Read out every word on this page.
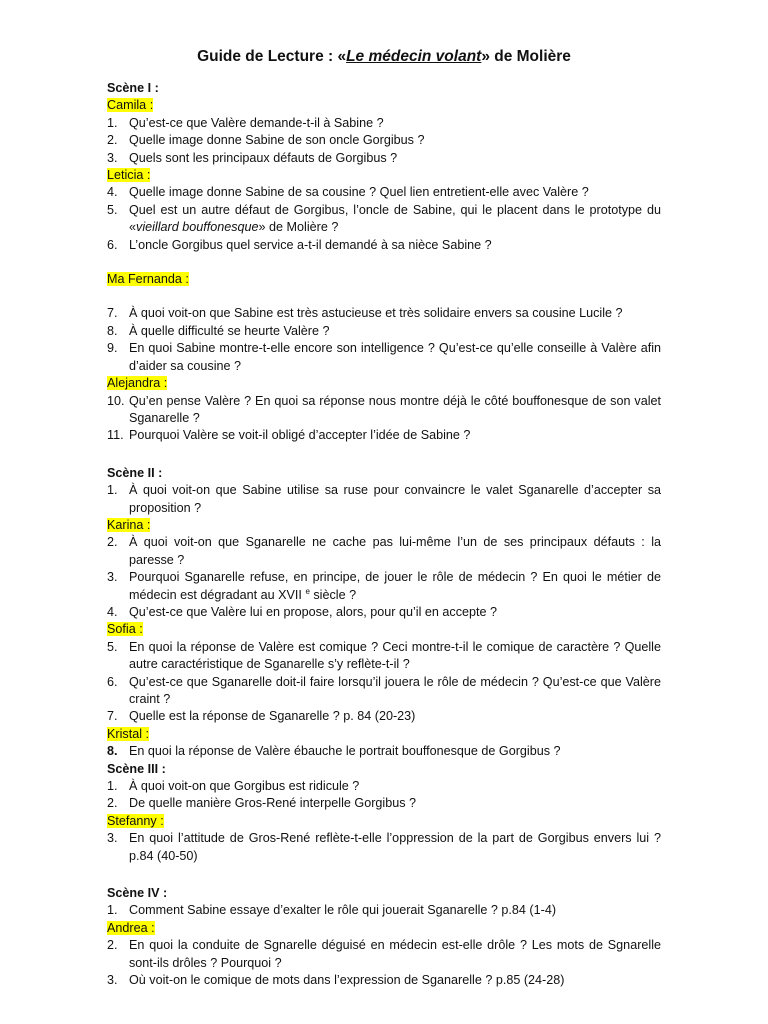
Guide de Lecture : «Le médecin volant» de Molière
Scène I :
Camila :
1. Qu’est-ce que Valère demande-t-il à Sabine ?
2. Quelle image donne Sabine de son oncle Gorgibus ?
3. Quels sont les principaux défauts de Gorgibus ?
Leticia :
4. Quelle image donne Sabine de sa cousine ? Quel lien entretient-elle avec Valère ?
5. Quel est un autre défaut de Gorgibus, l’oncle de Sabine, qui le placent dans le prototype du «vieillard bouffonesque» de Molière ?
6. L’oncle Gorgibus quel service a-t-il demandé à sa nièce Sabine ?
Ma Fernanda :
7. À quoi voit-on que Sabine est très astucieuse et très solidaire envers sa cousine Lucile ?
8. À quelle difficulté se heurte Valère ?
9. En quoi Sabine montre-t-elle encore son intelligence ? Qu’est-ce qu’elle conseille à Valère afin d’aider sa cousine ?
Alejandra :
10. Qu’en pense Valère ? En quoi sa réponse nous montre déjà le côté bouffonesque de son valet Sganarelle ?
11. Pourquoi Valère se voit-il obligé d’accepter l’idée de Sabine ?
Scène II :
1. À quoi voit-on que Sabine utilise sa ruse pour convaincre le valet Sganarelle d’accepter sa proposition ?
Karina :
2. À quoi voit-on que Sganarelle ne cache pas lui-même l’un de ses principaux défauts : la paresse ?
3. Pourquoi Sganarelle refuse, en principe, de jouer le rôle de médecin ? En quoi le métier de médecin est dégradant au XVII $^e$ siècle ?
4. Qu’est-ce que Valère lui en propose, alors, pour qu’il en accepte ?
Sofia :
5. En quoi la réponse de Valère est comique ? Ceci montre-t-il le comique de caractère ? Quelle autre caractéristique de Sganarelle s’y reflète-t-il ?
6. Qu’est-ce que Sganarelle doit-il faire lorsqu’il jouera le rôle de médecin ? Qu’est-ce que Valère craint ?
7. Quelle est la réponse de Sganarelle ? p. 84 (20-23)
Kristal :
8. En quoi la réponse de Valère ébauche le portrait bouffonesque de Gorgibus ?
Scène III :
1. À quoi voit-on que Gorgibus est ridicule ?
2. De quelle manière Gros-René interpelle Gorgibus ?
Stefanny :
3. En quoi l’attitude de Gros-René reflète-t-elle l’oppression de la part de Gorgibus envers lui ? p.84 (40-50)
Scène IV :
1. Comment Sabine essaye d’exalter le rôle qui jouerait Sganarelle ? p.84 (1-4)
Andrea :
2. En quoi la conduite de Sgnarelle déguisé en médecin est-elle drôle ? Les mots de Sgnarelle sont-ils drôles ? Pourquoi ?
3. Où voit-on le comique de mots dans l’expression de Sganarelle ? p.85 (24-28)
